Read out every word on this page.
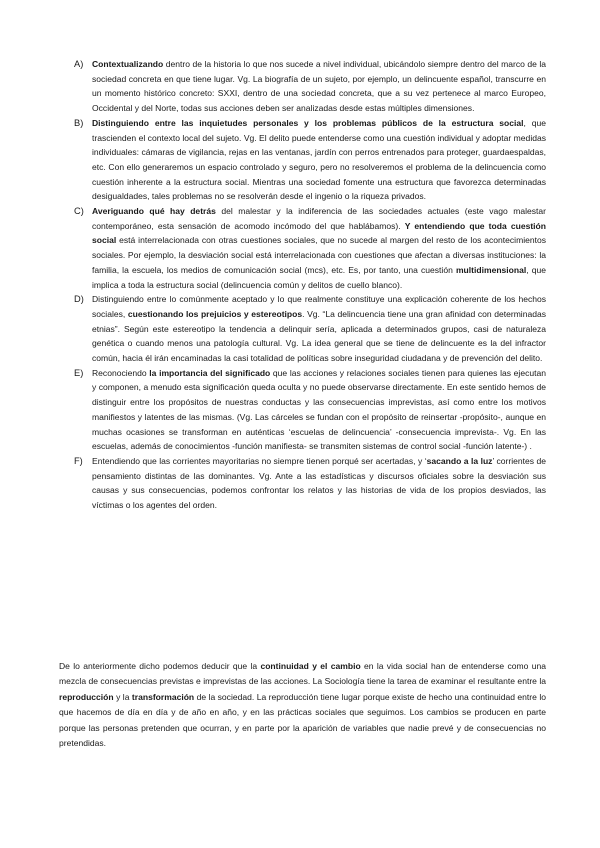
A)	Contextualizando dentro de la historia lo que nos sucede a nivel individual, ubicándolo siempre dentro del marco de la sociedad concreta en que tiene lugar. Vg. La biografía de un sujeto, por ejemplo, un delincuente español, transcurre en un momento histórico concreto: SXXI, dentro de una sociedad concreta, que a su vez pertenece al marco Europeo, Occidental y del Norte, todas sus acciones deben ser analizadas desde estas múltiples dimensiones.

B)	Distinguiendo entre las inquietudes personales y los problemas públicos de la estructura social, que trascienden el contexto local del sujeto. Vg. El delito puede entenderse como una cuestión individual y adoptar medidas individuales: cámaras de vigilancia, rejas en las ventanas, jardín con perros entrenados para proteger, guardaespaldas, etc. Con ello generaremos un espacio controlado y seguro, pero no resolveremos el problema de la delincuencia como cuestión inherente a la estructura social. Mientras una sociedad fomente una estructura que favorezca determinadas desigualdades, tales problemas no se resolverán desde el ingenio o la riqueza privados.

C) Averiguando qué hay detrás del malestar y la indiferencia de las sociedades actuales (este vago malestar contemporáneo, esta sensación de acomodo incómodo del que hablábamos). Y entendiendo que toda cuestión social está interrelacionada con otras cuestiones sociales, que no sucede al margen del resto de los acontecimientos sociales. Por ejemplo, la desviación social está interrelacionada con cuestiones que afectan a diversas instituciones: la familia, la escuela, los medios de comunicación social (mcs), etc. Es, por tanto, una cuestión multidimensional, que implica a toda la estructura social (delincuencia común y delitos de cuello blanco).

D) Distinguiendo entre lo comúnmente aceptado y lo que realmente constituye una explicación coherente de los hechos sociales, cuestionando los prejuicios y estereotipos. Vg. “La delincuencia tiene una gran afinidad con determinadas etnias”. Según este estereotipo la tendencia a delinquir sería, aplicada a determinados grupos, casi de naturaleza genética o cuando menos una patología cultural. Vg. La idea general que se tiene de delincuente es la del infractor común, hacia él irán encaminadas la casi totalidad de políticas sobre inseguridad ciudadana y de prevención del delito.

E)	Reconociendo la importancia del significado que las acciones y relaciones sociales tienen para quienes las ejecutan y componen, a menudo esta significación queda oculta y no puede observarse directamente. En este sentido hemos de distinguir entre los propósitos de nuestras conductas y las consecuencias imprevistas, así como entre los motivos manifiestos y latentes de las mismas. (Vg. Las cárceles se fundan con el propósito de reinsertar -propósito-, aunque en muchas ocasiones se transforman en auténticas ‘escuelas de delincuencia’ -consecuencia imprevista-. Vg. En las escuelas, además de conocimientos -función manifiesta- se transmiten sistemas de control social -función latente-) .

F)	Entendiendo que las corrientes mayoritarias no siempre tienen porqué ser acertadas, y ‘sacando a la luz’ corrientes de pensamiento distintas de las dominantes. Vg. Ante a las estadísticas y discursos oficiales sobre la desviación sus causas y sus consecuencias, podemos confrontar los relatos y las historias de vida de los propios desviados, las víctimas o los agentes del orden.

De lo anteriormente dicho podemos deducir que la continuidad y el cambio en la vida social han de entenderse como una mezcla de consecuencias previstas e imprevistas de las acciones. La Sociología tiene la tarea de examinar el resultante entre la reproducción y la transformación de la sociedad. La reproducción tiene lugar porque existe de hecho una continuidad entre lo que hacemos de día en día y de año en año, y en las prácticas sociales que seguimos. Los cambios se producen en parte porque las personas pretenden que ocurran, y en parte por la aparición de variables que nadie prevé y de consecuencias no pretendidas.
